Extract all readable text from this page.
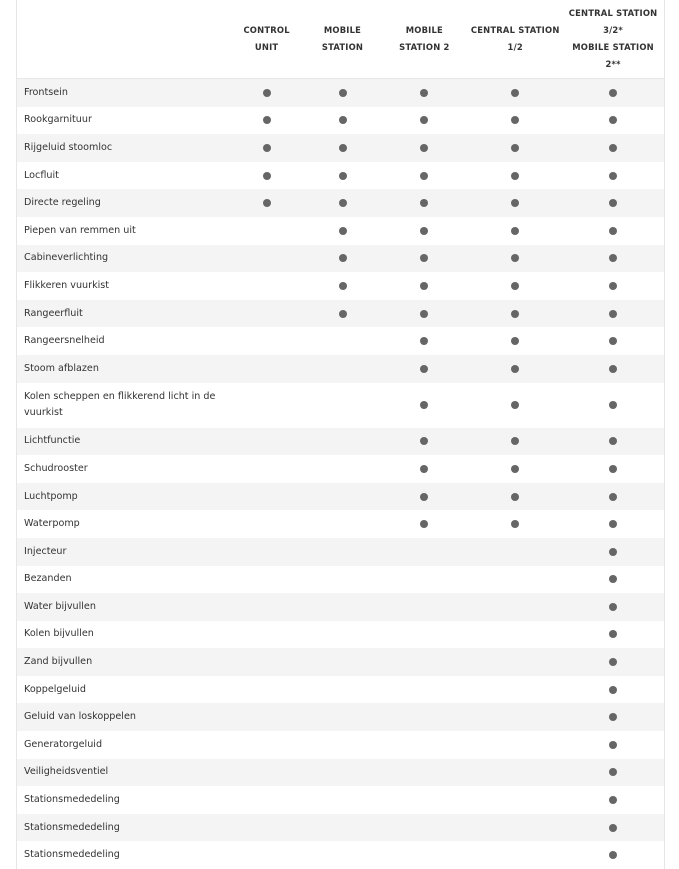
CONTROL
UNIT
MOBILE
STATION
MOBILE
STATION 2
CENTRAL STATION
1/2
CENTRAL STATION
3/2*
MOBILE STATION
2**
Frontsein
Rookgarnituur
Rijgeluid stoomloc
Locfluit
Directe regeling
Piepen van remmen uit
Cabineverlichting
Flikkeren vuurkist
Rangeerfluit
Rangeersnelheid
Stoom afblazen
Kolen scheppen en flikkerend licht in de vuurkist
Lichtfunctie
Schudrooster
Luchtpomp
Waterpomp
Injecteur
Bezanden
Water bijvullen
Kolen bijvullen
Zand bijvullen
Koppelgeluid
Geluid van loskoppelen
Generatorgeluid
Veiligheidsventiel
Stationsmededeling
Stationsmededeling
Stationsmededeling
